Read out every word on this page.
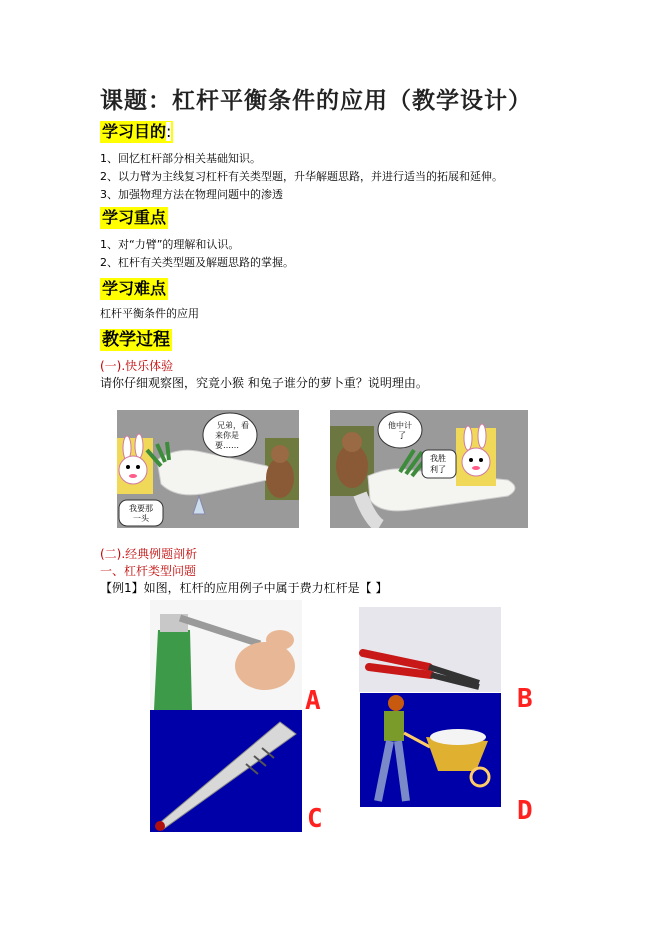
课题：杠杆平衡条件的应用（教学设计）
学习目的:
1、回忆杠杆部分相关基础知识。
2、以力臂为主线复习杠杆有关类型题，升华解题思路，并进行适当的拓展和延伸。
3、加强物理方法在物理问题中的渗透
学习重点
1、对“力臂”的理解和认识。
2、杠杆有关类型题及解题思路的掌握。
学习难点
杠杆平衡条件的应用
教学过程
(一).快乐体验
请你仔细观察图，究竟小猴 和兔子谁分的萝卜重？说明理由。
兄弟，看
来你是
要……
我要那
一头
他中计
了
我胜
利了
(二).经典例题剖析
一、杠杆类型问题
【例1】如图，杠杆的应用例子中属于费力杠杆是【 】
A	B
C	D
